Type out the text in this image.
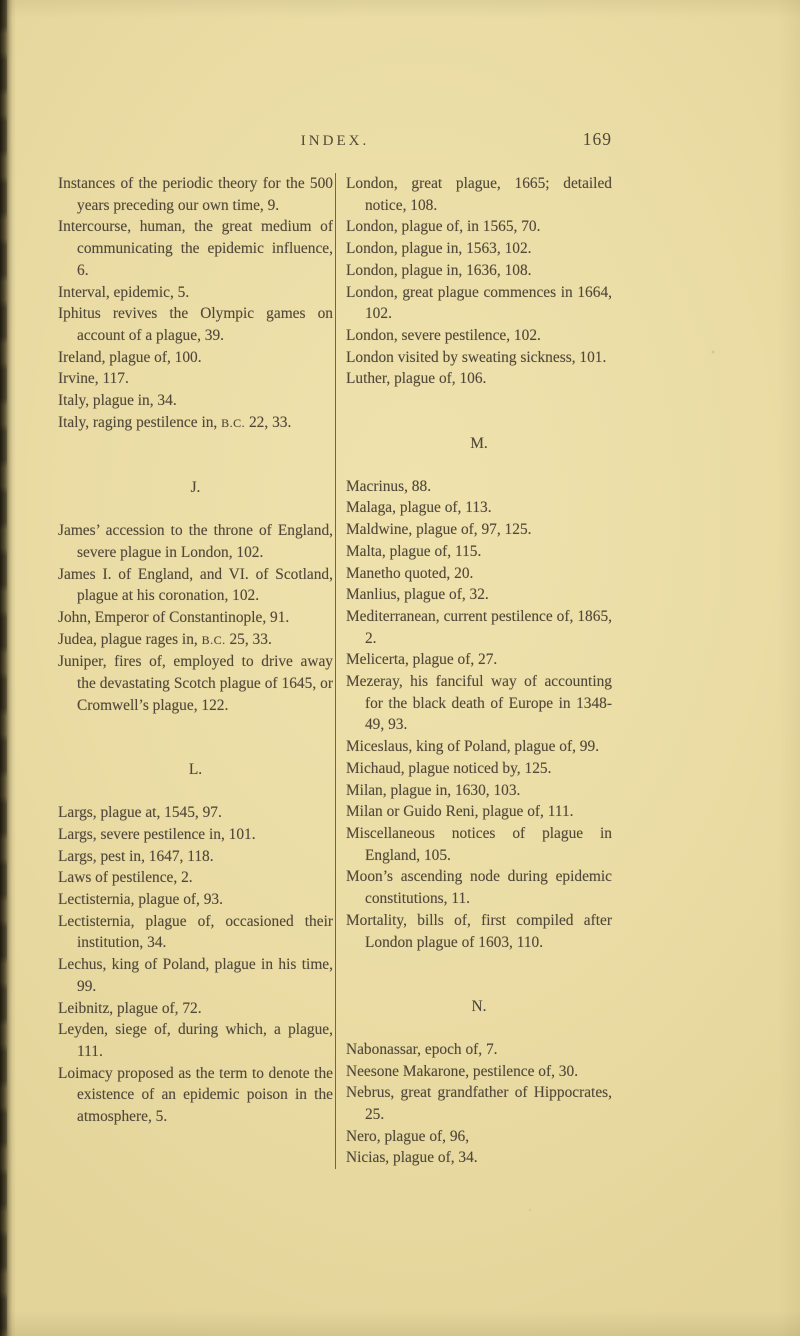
INDEX.	169

Instances of the periodic theory for the 500 years preceding our own time, 9.

Intercourse, human, the great medium of communicating the epidemic influence, 6.

Interval, epidemic, 5.

Iphitus revives the Olympic games on account of a plague, 39.

Ireland, plague of, 100.

Irvine, 117.

Italy, plague in, 34.

Italy, raging pestilence in, B.C. 22, 33.

J.

James’ accession to the throne of England, severe plague in London, 102.

James I. of England, and VI. of Scotland, plague at his coronation, 102.

John, Emperor of Constantinople, 91.

Judea, plague rages in, B.C. 25, 33.

Juniper, fires of, employed to drive away the devastating Scotch plague of 1645, or Cromwell’s plague, 122.

L.

Largs, plague at, 1545, 97.

Largs, severe pestilence in, 101.

Largs, pest in, 1647, 118.

Laws of pestilence, 2.

Lectisternia, plague of, 93.

Lectisternia, plague of, occasioned their institution, 34.

Lechus, king of Poland, plague in his time, 99.

Leibnitz, plague of, 72.

Leyden, siege of, during which, a plague, 111.

Loimacy proposed as the term to denote the existence of an epidemic poison in the atmosphere, 5.

London, great plague, 1665; detailed notice, 108.

London, plague of, in 1565, 70.

London, plague in, 1563, 102.

London, plague in, 1636, 108.

London, great plague commences in 1664, 102.

London, severe pestilence, 102.

London visited by sweating sickness, 101.

Luther, plague of, 106.

M.

Macrinus, 88.

Malaga, plague of, 113.

Maldwine, plague of, 97, 125.

Malta, plague of, 115.

Manetho quoted, 20.

Manlius, plague of, 32.

Mediterranean, current pestilence of, 1865, 2.

Melicerta, plague of, 27.

Mezeray, his fanciful way of accounting for the black death of Europe in 1348-49, 93.

Miceslaus, king of Poland, plague of, 99.

Michaud, plague noticed by, 125.

Milan, plague in, 1630, 103.

Milan or Guido Reni, plague of, 111.

Miscellaneous notices of plague in England, 105.

Moon’s ascending node during epidemic constitutions, 11.

Mortality, bills of, first compiled after London plague of 1603, 110.

N.

Nabonassar, epoch of, 7.

Neesone Makarone, pestilence of, 30.

Nebrus, great grandfather of Hippocrates, 25.

Nero, plague of, 96,

Nicias, plague of, 34.
